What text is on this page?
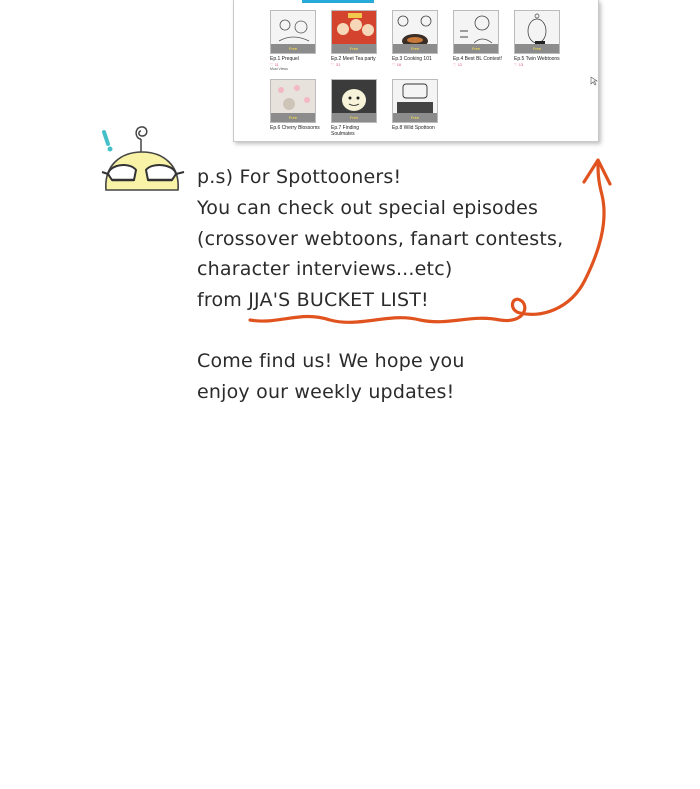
Free
Ep.1 Prequel
♡ 11
Most Views
Free
Ep.2 Meet Tea party
♡ 31
Free
Ep.3 Cooking 101
♡ 16
Free
Ep.4 Best BL Contest!
♡ 12
Free
Ep.5 Twin Webtoons
♡ 13
Free
Ep.6 Cherry Blossoms
Free
Ep.7 Finding Soulmates
Free
Ep.8 Wild Spottoon
p.s) For Spottooners!
You can check out special episodes
(crossover webtoons, fanart contests,
character interviews...etc)
from JJA'S BUCKET LIST!
Come find us! We hope you
enjoy our weekly updates!
